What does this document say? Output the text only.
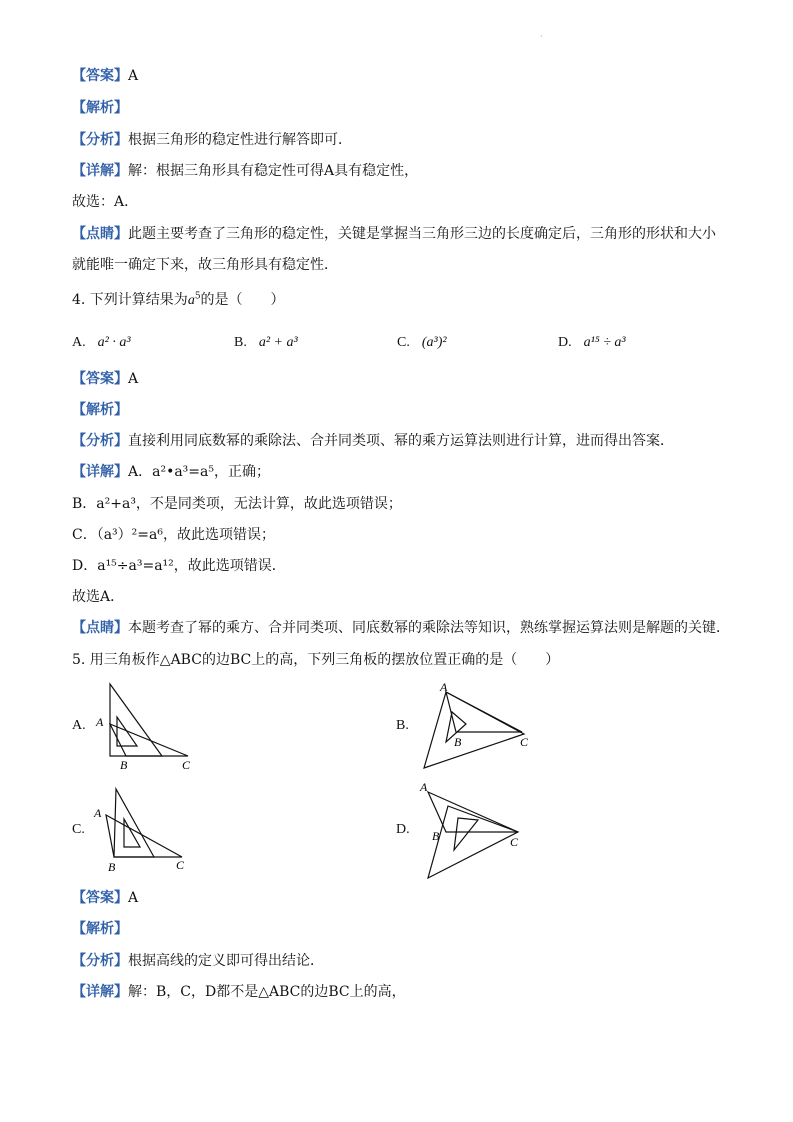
·
【答案】A
【解析】
【分析】根据三角形的稳定性进行解答即可．
【详解】解：根据三角形具有稳定性可得A具有稳定性，
故选：A．
【点睛】此题主要考查了三角形的稳定性，关键是掌握当三角形三边的长度确定后，三角形的形状和大小
就能唯一确定下来，故三角形具有稳定性．
4. 下列计算结果为$a^5$的是（　　）
A. a² · a³	B. a² + a³	C. (a³)²	D. a¹⁵ ÷ a³
【答案】A
【解析】
【分析】直接利用同底数幂的乘除法、合并同类项、幂的乘方运算法则进行计算，进而得出答案．
【详解】A．a²•a³=a⁵，正确；
B．a²+a³，不是同类项，无法计算，故此选项错误；
C．（a³）²=a⁶，故此选项错误；
D．a¹⁵÷a³=a¹²，故此选项错误．
故选A．
【点睛】本题考查了幂的乘方、合并同类项、同底数幂的乘除法等知识，熟练掌握运算法则是解题的关键．
5. 用三角板作△ABC的边BC上的高，下列三角板的摆放位置正确的是（　　）
A. A
B	C
B.
A
B	C
C.
A
B	C
D.
A
B	C
【答案】A
【解析】
【分析】根据高线的定义即可得出结论．
【详解】解：B，C，D都不是△ABC的边BC上的高，
